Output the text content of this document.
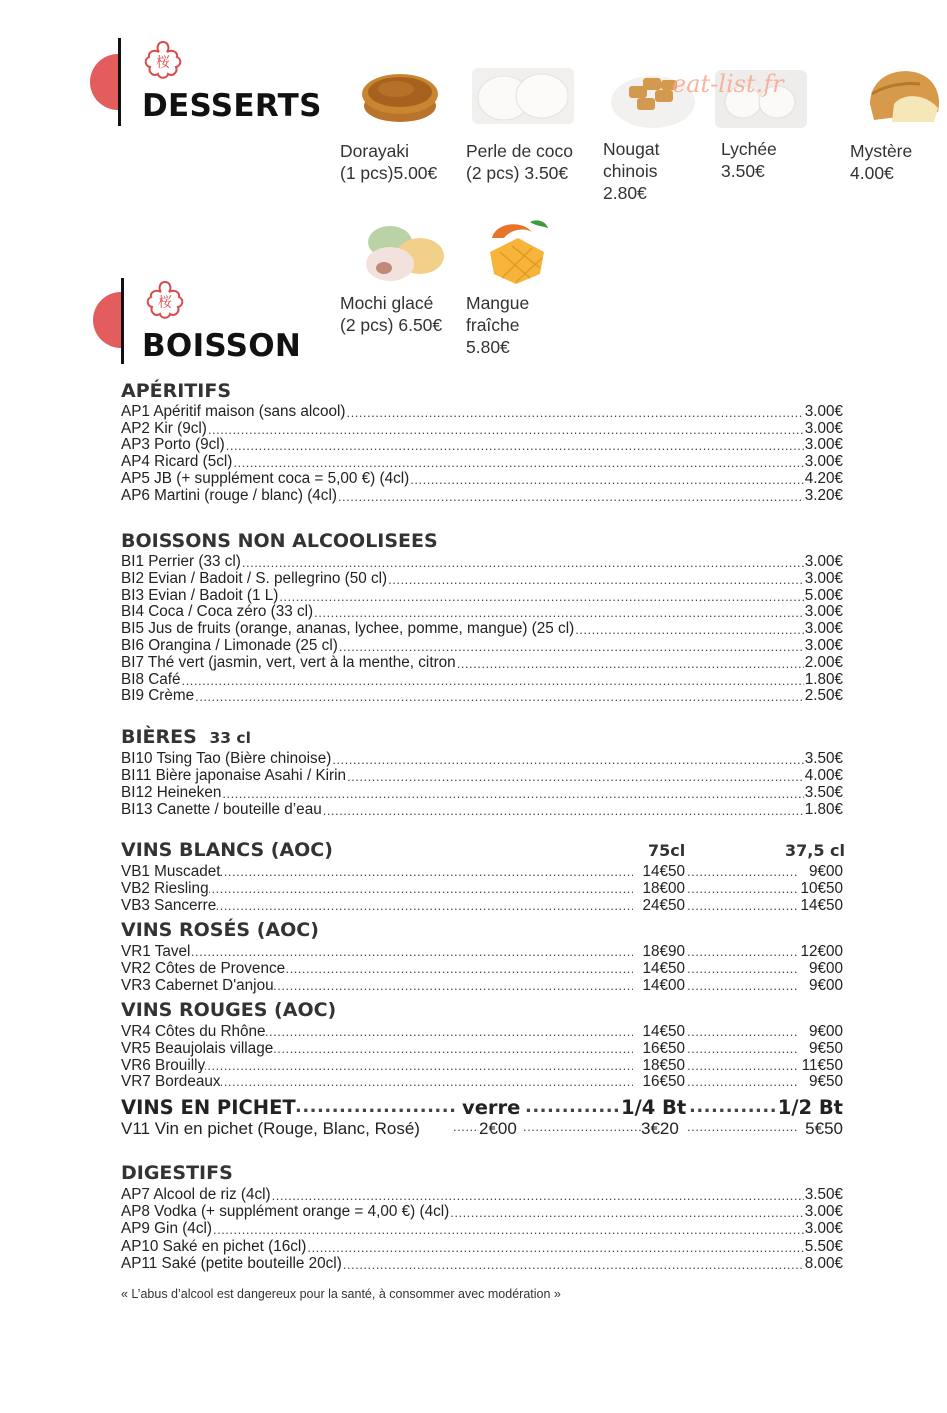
桜
DESSERTS
Dorayaki
(1 pcs)5.00€
Perle de coco
(2 pcs) 3.50€
Nougat
chinois
2.80€
Lychée
3.50€
Mystère
4.00€
Mochi glacé
(2 pcs) 6.50€
Mangue
fraîche
5.80€
eat-list.fr
桜
BOISSON
APÉRITIFS
AP1 Apéritif maison (sans alcool) .....	3.00€
AP2 Kir (9cl) .....	3.00€
AP3 Porto (9cl) .....	3.00€
AP4 Ricard (5cl) .....	3.00€
AP5 JB (+ supplément coca = 5,00 €) (4cl) .....	4.20€
AP6 Martini (rouge / blanc) (4cl) .....	3.20€
BOISSONS NON ALCOOLISEES
BI1 Perrier (33 cl) .....	3.00€
BI2 Evian / Badoit / S. pellegrino (50 cl) .....	3.00€
BI3 Evian / Badoit (1 L) .....	5.00€
BI4 Coca / Coca zéro (33 cl) .....	3.00€
BI5 Jus de fruits (orange, ananas, lychee, pomme, mangue) (25 cl) .....	3.00€
BI6 Orangina / Limonade (25 cl) .....	3.00€
BI7 Thé vert (jasmin, vert, vert à la menthe, citron .....	2.00€
BI8 Café .....	1.80€
BI9 Crème .....	2.50€
BIÈRES 33 cl
BI10 Tsing Tao (Bière chinoise) .....	3.50€
BI11 Bière japonaise Asahi / Kirin .....	4.00€
BI12 Heineken .....	3.50€
BI13 Canette / bouteille d’eau .....	1.80€
VINS BLANCS (AOC)	75cl	37,5 cl
VB1 Muscadet .....	14€50 .....	9€00
VB2 Riesling .....	18€00 .....	10€50
VB3 Sancerre .....	24€50 .....	14€50
VINS ROSÉS (AOC)
VR1 Tavel .....	18€90 .....	12€00
VR2 Côtes de Provence .....	14€50 .....	9€00
VR3 Cabernet D'anjou .....	14€00 .....	9€00
VINS ROUGES (AOC)
VR4 Côtes du Rhône .....	14€50 .....	9€00
VR5 Beaujolais village .....	16€50 .....	9€50
VR6 Brouilly .....	18€50 .....	11€50
VR7 Bordeaux .....	16€50 .....	9€50
VINS EN PICHET .....	verre .....	1/4 Bt .....	1/2 Bt
V11 Vin en pichet (Rouge, Blanc, Rosé) .....	2€00 .....	3€20 .....	5€50
DIGESTIFS
AP7 Alcool de riz (4cl) .....	3.50€
AP8 Vodka (+ supplément orange = 4,00 €) (4cl) .....	3.00€
AP9 Gin (4cl) .....	3.00€
AP10 Saké en pichet (16cl) .....	5.50€
AP11 Saké (petite bouteille 20cl) .....	8.00€
« L’abus d’alcool est dangereux pour la santé, à consommer avec modération »
